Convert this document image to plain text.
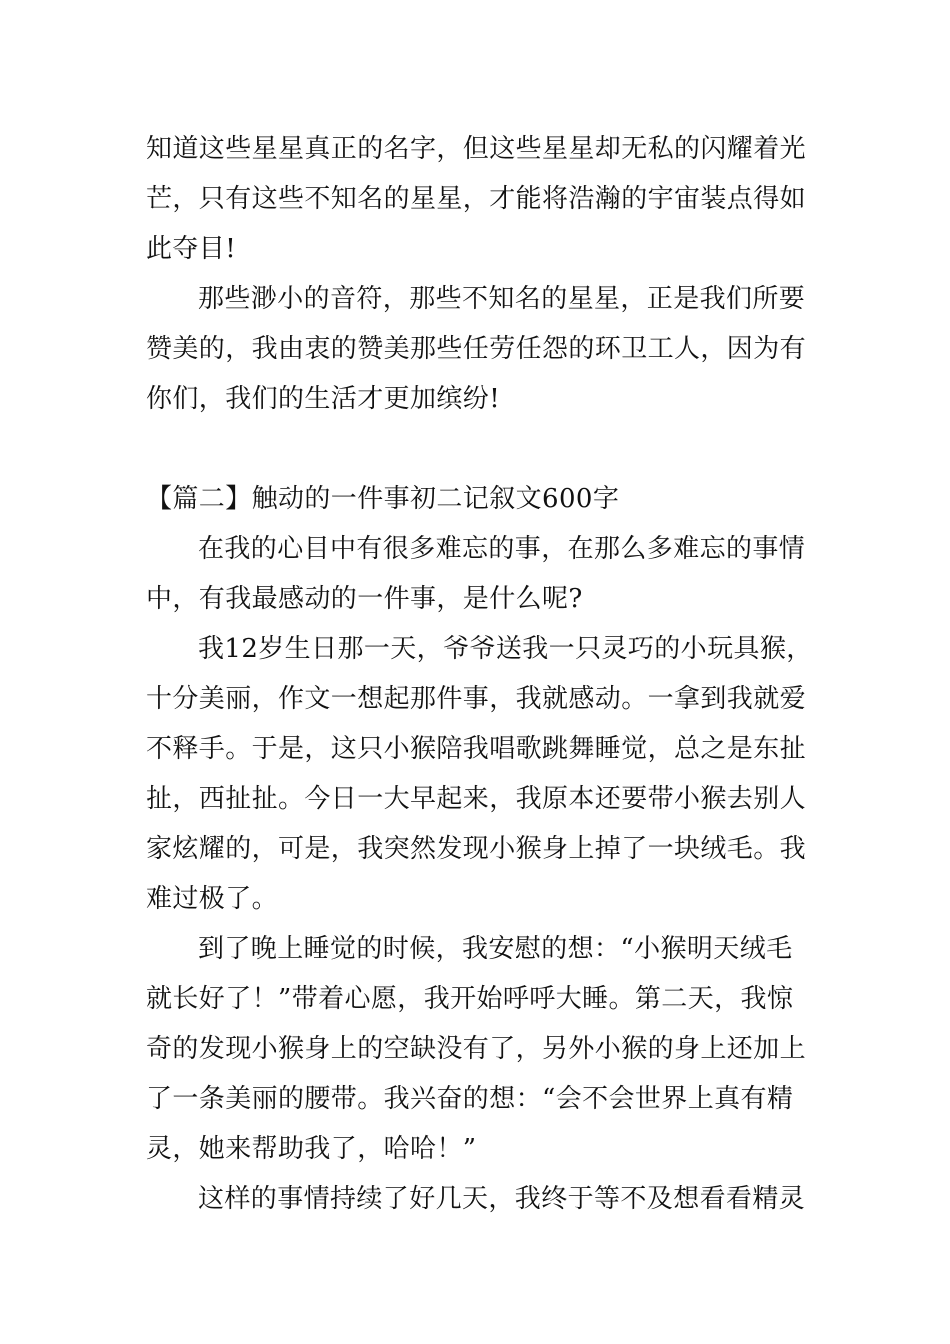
知道这些星星真正的名字，但这些星星却无私的闪耀着光
芒，只有这些不知名的星星，才能将浩瀚的宇宙装点得如
此夺目!
那些渺小的音符，那些不知名的星星，正是我们所要
赞美的，我由衷的赞美那些任劳任怨的环卫工人，因为有
你们，我们的生活才更加缤纷!
【篇二】触动的一件事初二记叙文600字
在我的心目中有很多难忘的事，在那么多难忘的事情
中，有我最感动的一件事，是什么呢?
我12岁生日那一天，爷爷送我一只灵巧的小玩具猴，
十分美丽，作文一想起那件事，我就感动。一拿到我就爱
不释手。于是，这只小猴陪我唱歌跳舞睡觉，总之是东扯
扯，西扯扯。今日一大早起来，我原本还要带小猴去别人
家炫耀的，可是，我突然发现小猴身上掉了一块绒毛。我
难过极了。
到了晚上睡觉的时候，我安慰的想：“小猴明天绒毛
就长好了！”带着心愿，我开始呼呼大睡。第二天，我惊
奇的发现小猴身上的空缺没有了，另外小猴的身上还加上
了一条美丽的腰带。我兴奋的想：“会不会世界上真有精
灵，她来帮助我了，哈哈！”
这样的事情持续了好几天，我终于等不及想看看精灵
